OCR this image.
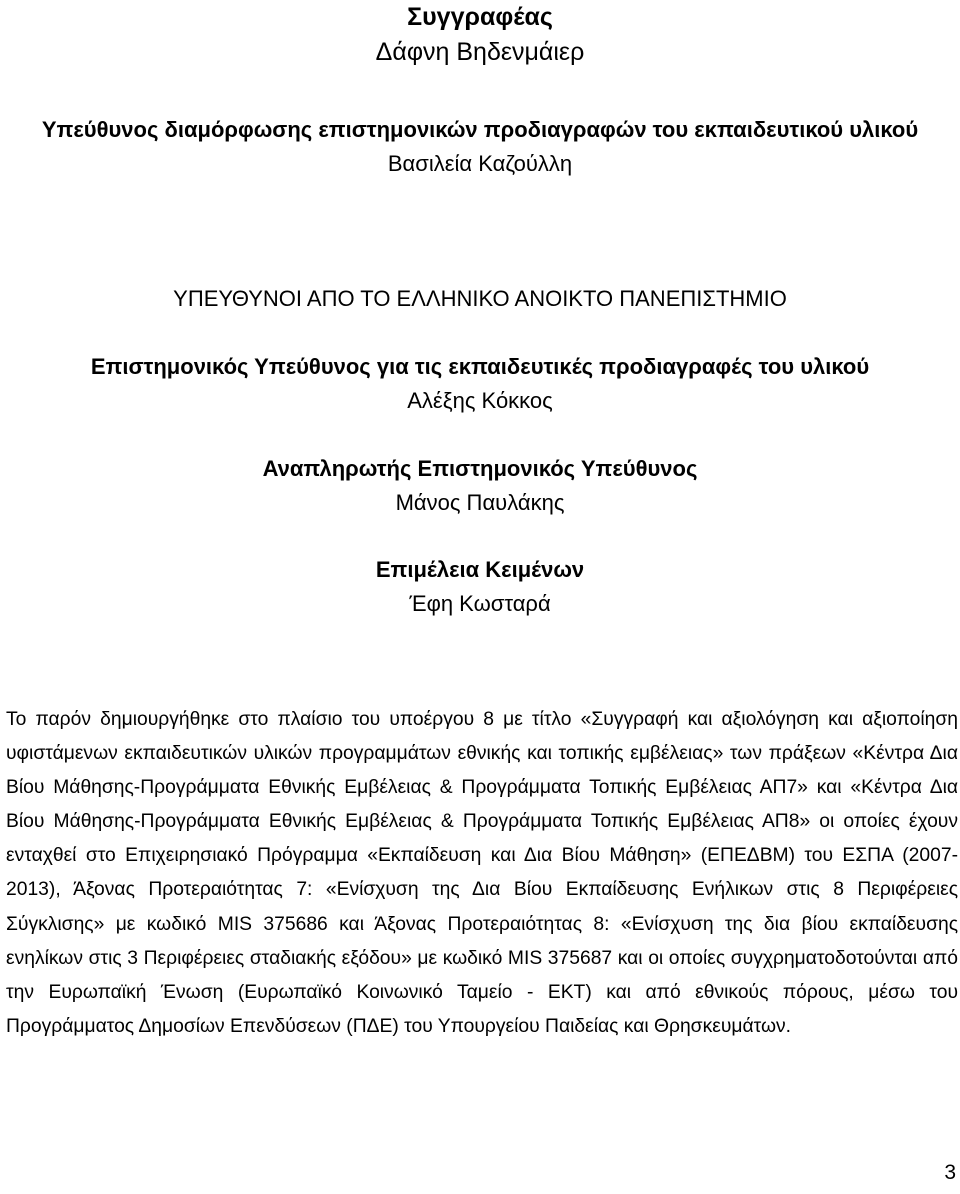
Συγγραφέας
Δάφνη Βηδενμάιερ
Υπεύθυνος διαμόρφωσης επιστημονικών προδιαγραφών του εκπαιδευτικού υλικού
Βασιλεία Καζούλλη
ΥΠΕΥΘΥΝΟΙ ΑΠΟ ΤΟ ΕΛΛΗΝΙΚΟ ΑΝΟΙΚΤΟ ΠΑΝΕΠΙΣΤΗΜΙΟ
Επιστημονικός Υπεύθυνος για τις εκπαιδευτικές προδιαγραφές του υλικού
Αλέξης Κόκκος
Αναπληρωτής Επιστημονικός Υπεύθυνος
Μάνος Παυλάκης
Επιμέλεια Κειμένων
Έφη Κωσταρά

Το παρόν δημιουργήθηκε στο πλαίσιο του υποέργου 8 με τίτλο «Συγγραφή και αξιολόγηση και αξιοποίηση υφιστάμενων εκπαιδευτικών υλικών προγραμμάτων εθνικής και τοπικής εμβέλειας» των πράξεων «Κέντρα Δια Βίου Μάθησης-Προγράμματα Εθνικής Εμβέλειας & Προγράμματα Τοπικής Εμβέλειας ΑΠ7» και «Κέντρα Δια Βίου Μάθησης-Προγράμματα Εθνικής Εμβέλειας & Προγράμματα Τοπικής Εμβέλειας ΑΠ8» οι οποίες έχουν ενταχθεί στο Επιχειρησιακό Πρόγραμμα «Εκπαίδευση και Δια Βίου Μάθηση» (ΕΠΕΔΒΜ) του ΕΣΠΑ (2007-2013), Άξονας Προτεραιότητας 7: «Ενίσχυση της Δια Βίου Εκπαίδευσης Ενήλικων στις 8 Περιφέρειες Σύγκλισης» με κωδικό MIS 375686 και Άξονας Προτεραιότητας 8: «Ενίσχυση της δια βίου εκπαίδευσης ενηλίκων στις 3 Περιφέρειες σταδιακής εξόδου» με κωδικό MIS 375687 και οι οποίες συγχρηματοδοτούνται από την Ευρωπαϊκή Ένωση (Ευρωπαϊκό Κοινωνικό Ταμείο - ΕΚΤ) και από εθνικούς πόρους, μέσω του Προγράμματος Δημοσίων Επενδύσεων (ΠΔΕ) του Υπουργείου Παιδείας και Θρησκευμάτων.

3
